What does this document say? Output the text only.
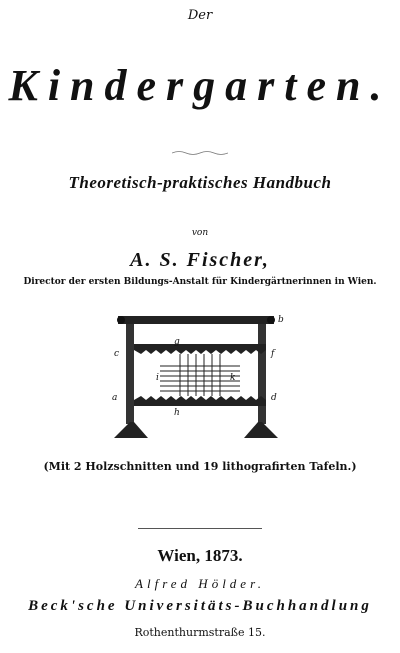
Der
Kindergarten.
Theoretisch-praktisches Handbuch
von
A. S. Fischer,
Director der ersten Bildungs-Anstalt für Kindergärtnerinnen in Wien.
c
a
b
f
d
g
h
i	k
(Mit 2 Holzschnitten und 19 lithografirten Tafeln.)
Wien, 1873.
Alfred Hölder.
Beck'sche Universitäts-Buchhandlung
Rothenthurmstraße 15.
